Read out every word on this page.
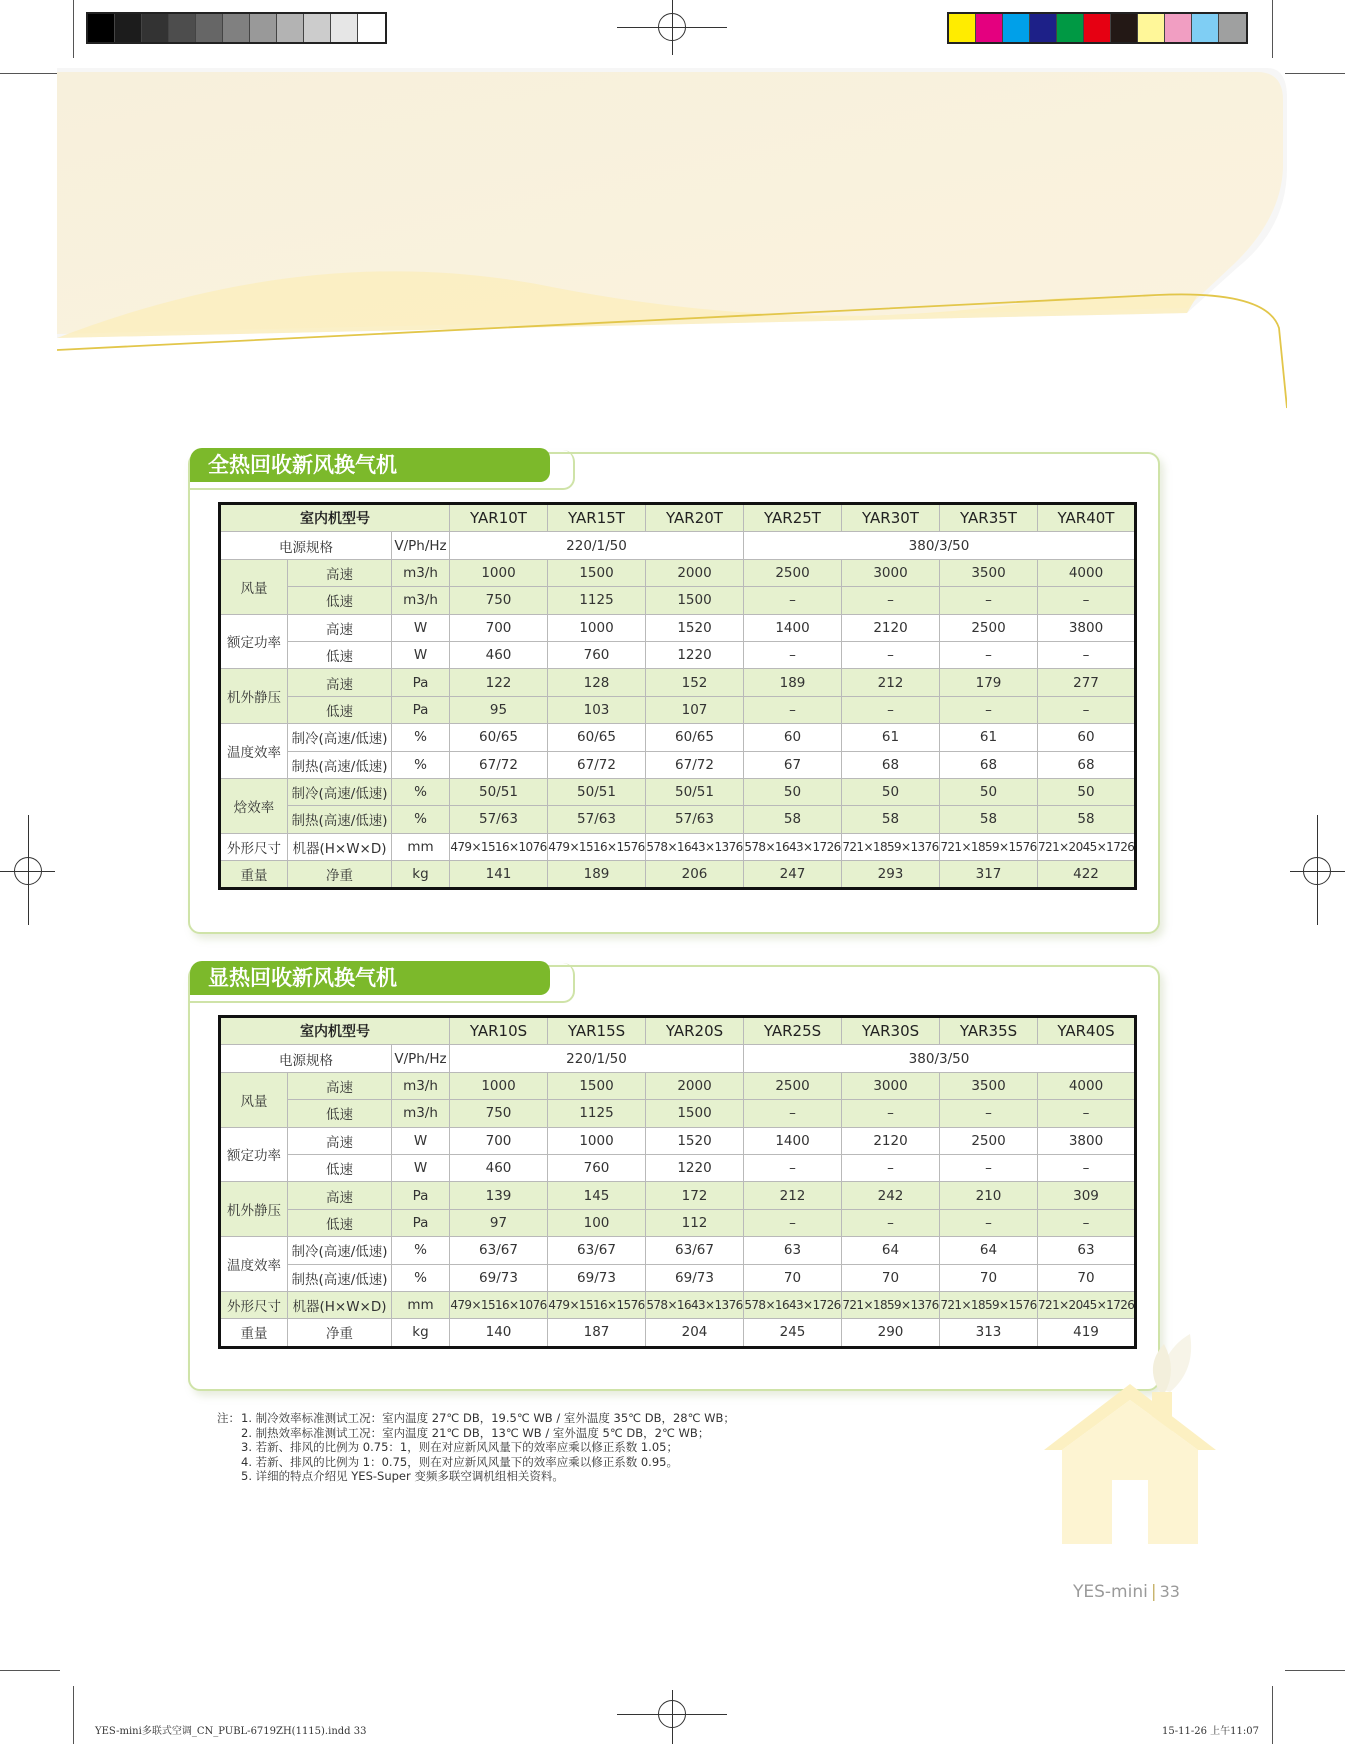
全热回收新风换气机
室内机型号			YAR10T	YAR15T	YAR20T	YAR25T	YAR30T	YAR35T	YAR40T
电源规格		V/Ph/Hz	220/1/50			380/3/50			
风量	高速	m3/h	1000	1500	2000	2500	3000	3500	4000
	低速	m3/h	750	1125	1500	–	–	–	–
额定功率	高速	W	700	1000	1520	1400	2120	2500	3800
	低速	W	460	760	1220	–	–	–	–
机外静压	高速	Pa	122	128	152	189	212	179	277
	低速	Pa	95	103	107	–	–	–	–
温度效率	制冷(高速/低速)	%	60/65	60/65	60/65	60	61	61	60
	制热(高速/低速)	%	67/72	67/72	67/72	67	68	68	68
焓效率	制冷(高速/低速)	%	50/51	50/51	50/51	50	50	50	50
	制热(高速/低速)	%	57/63	57/63	57/63	58	58	58	58
外形尺寸	机器(H×W×D)	mm	479×1516×1076	479×1516×1576	578×1643×1376	578×1643×1726	721×1859×1376	721×1859×1576	721×2045×1726
重量	净重	kg	141	189	206	247	293	317	422
显热回收新风换气机
室内机型号			YAR10S	YAR15S	YAR20S	YAR25S	YAR30S	YAR35S	YAR40S
电源规格		V/Ph/Hz	220/1/50			380/3/50			
风量	高速	m3/h	1000	1500	2000	2500	3000	3500	4000
	低速	m3/h	750	1125	1500	–	–	–	–
额定功率	高速	W	700	1000	1520	1400	2120	2500	3800
	低速	W	460	760	1220	–	–	–	–
机外静压	高速	Pa	139	145	172	212	242	210	309
	低速	Pa	97	100	112	–	–	–	–
温度效率	制冷(高速/低速)	%	63/67	63/67	63/67	63	64	64	63
	制热(高速/低速)	%	69/73	69/73	69/73	70	70	70	70
外形尺寸	机器(H×W×D)	mm	479×1516×1076	479×1516×1576	578×1643×1376	578×1643×1726	721×1859×1376	721×1859×1576	721×2045×1726
重量	净重	kg	140	187	204	245	290	313	419
注： 1. 制冷效率标准测试工况：室内温度 27℃ DB，19.5℃ WB / 室外温度 35℃ DB，28℃ WB；
2. 制热效率标准测试工况：室内温度 21℃ DB，13℃ WB / 室外温度 5℃ DB，2℃ WB；
3. 若新、排风的比例为 0.75：1，则在对应新风风量下的效率应乘以修正系数 1.05；
4. 若新、排风的比例为 1：0.75，则在对应新风风量下的效率应乘以修正系数 0.95。
5. 详细的特点介绍见 YES-Super 变频多联空调机组相关资料。
YES-mini | 33
YES-mini多联式空调_CN_PUBL-6719ZH(1115).indd 33	15-11-26 上午11:07
